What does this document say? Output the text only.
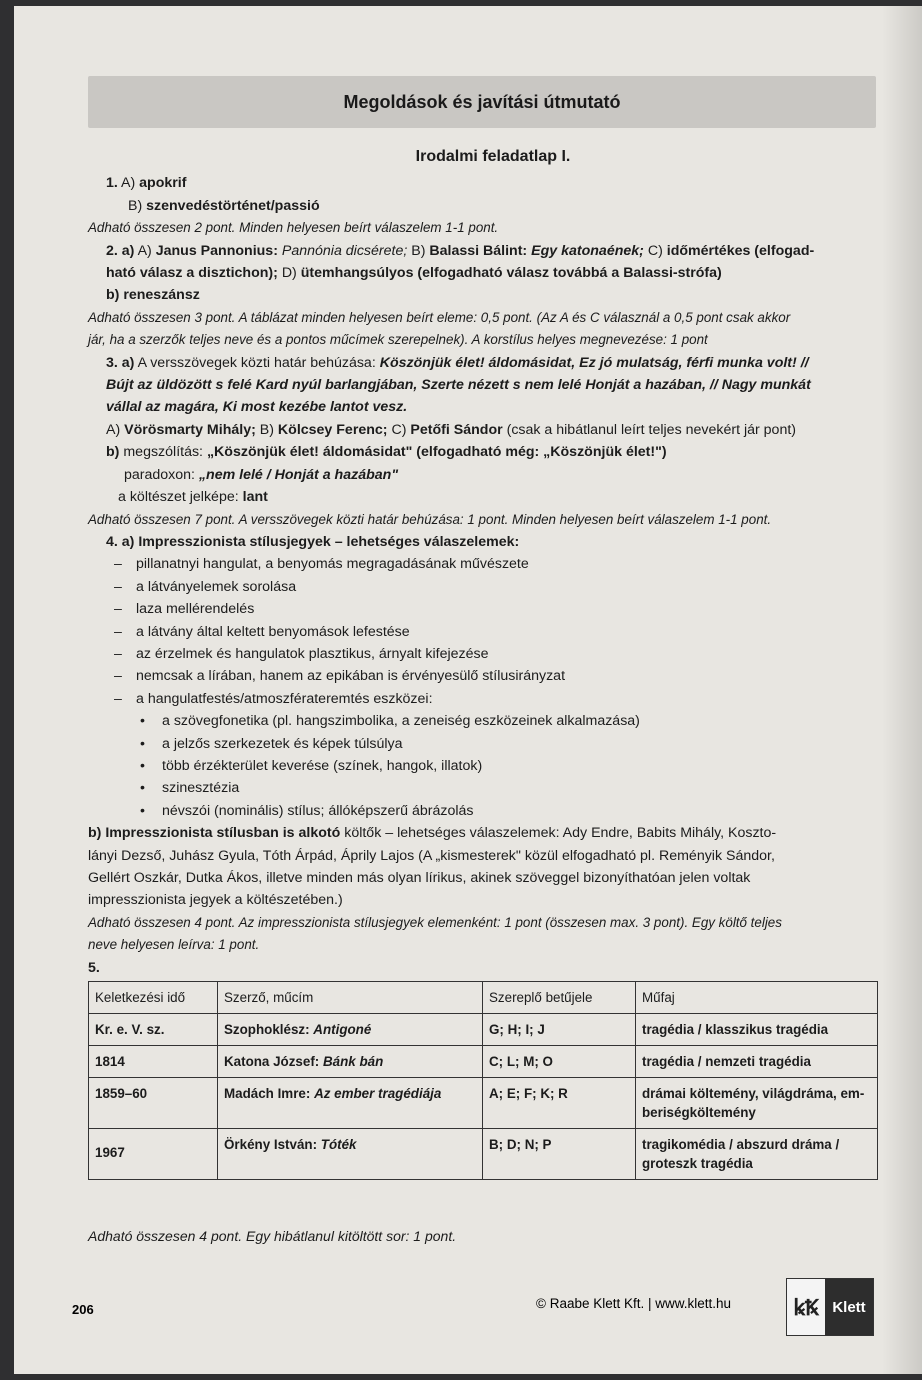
Megoldások és javítási útmutató
Irodalmi feladatlap I.
1. A) apokrif
B) szenvedéstörténet/passió
Adható összesen 2 pont. Minden helyesen beírt válaszelem 1-1 pont.
2. a) A) Janus Pannonius: Pannónia dicsérete; B) Balassi Bálint: Egy katonaének; C) időmértékes (elfogad-
ható válasz a disztichon); D) ütemhangsúlyos (elfogadható válasz továbbá a Balassi-strófa)
b) reneszánsz
Adható összesen 3 pont. A táblázat minden helyesen beírt eleme: 0,5 pont. (Az A és C válasznál a 0,5 pont csak akkor
jár, ha a szerzők teljes neve és a pontos műcímek szerepelnek). A korstílus helyes megnevezése: 1 pont
3. a) A versszövegek közti határ behúzása: Köszönjük élet! áldomásidat, Ez jó mulatság, férfi munka volt! //
Bújt az üldözött s felé Kard nyúl barlangjában, Szerte nézett s nem lelé Honját a hazában, // Nagy munkát
vállal az magára, Ki most kezébe lantot vesz.
A) Vörösmarty Mihály; B) Kölcsey Ferenc; C) Petőfi Sándor (csak a hibátlanul leírt teljes nevekért jár pont)
b) megszólítás: „Köszönjük élet! áldomásidat" (elfogadható még: „Köszönjük élet!")
paradoxon: „nem lelé / Honját a hazában"
a költészet jelképe: lant
Adható összesen 7 pont. A versszövegek közti határ behúzása: 1 pont. Minden helyesen beírt válaszelem 1-1 pont.
4. a) Impresszionista stílusjegyek – lehetséges válaszelemek:
– pillanatnyi hangulat, a benyomás megragadásának művészete
– a látványelemek sorolása
– laza mellérendelés
– a látvány által keltett benyomások lefestése
– az érzelmek és hangulatok plasztikus, árnyalt kifejezése
– nemcsak a lírában, hanem az epikában is érvényesülő stílusirányzat
– a hangulatfestés/atmoszférateremtés eszközei:
• a szövegfonetika (pl. hangszimbolika, a zeneiség eszközeinek alkalmazása)
• a jelzős szerkezetek és képek túlsúlya
• több érzékterület keverése (színek, hangok, illatok)
• szinesztézia
• névszói (nominális) stílus; állóképszerű ábrázolás
b) Impresszionista stílusban is alkotó költők – lehetséges válaszelemek: Ady Endre, Babits Mihály, Koszto-
lányi Dezső, Juhász Gyula, Tóth Árpád, Áprily Lajos (A „kismesterek" közül elfogadható pl. Reményik Sándor,
Gellért Oszkár, Dutka Ákos, illetve minden más olyan lírikus, akinek szöveggel bizonyíthatóan jelen voltak
impresszionista jegyek a költészetében.)
Adható összesen 4 pont. Az impresszionista stílusjegyek elemenként: 1 pont (összesen max. 3 pont). Egy költő teljes
neve helyesen leírva: 1 pont.
5.
Keletkezési idő	Szerző, műcím	Szereplő betűjele	Műfaj
Kr. e. V. sz.	Szophoklész: Antigoné	G; H; I; J	tragédia / klasszikus tragédia
1814	Katona József: Bánk bán	C; L; M; O	tragédia / nemzeti tragédia
1859–60	Madách Imre: Az ember tragédiája	A; E; F; K; R	drámai költemény, világdráma, em-beriségköltemény
1967	Örkény István: Tóték	B; D; N; P	tragikomédia / abszurd dráma / groteszk tragédia
Adható összesen 4 pont. Egy hibátlanul kitöltött sor: 1 pont.
206	© Raabe Klett Kft. | www.klett.hu	ꝃꝄ Klett
